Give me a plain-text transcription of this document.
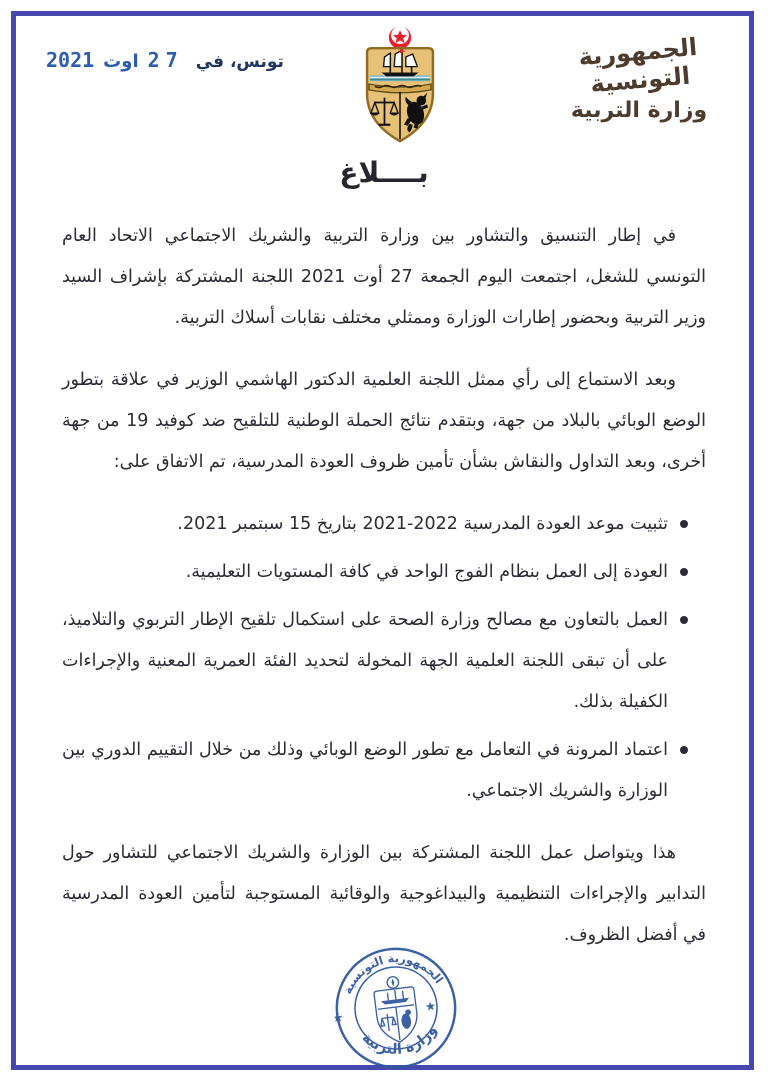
تونس، في
27
اوت
2021	الجمهورية التونسية
وزارة التربية
بــــلاغ

في إطار التنسيق والتشاور بين وزارة التربية والشريك الاجتماعي الاتحاد العام التونسي للشغل، اجتمعت اليوم الجمعة 27 أوت 2021 اللجنة المشتركة بإشراف السيد وزير التربية وبحضور إطارات الوزارة وممثلي مختلف نقابات أسلاك التربية.

وبعد الاستماع إلى رأي ممثل اللجنة العلمية الدكتور الهاشمي الوزير في علاقة بتطور الوضع الوبائي بالبلاد من جهة، وبتقدم نتائج الحملة الوطنية للتلقيح ضد كوفيد 19 من جهة أخرى، وبعد التداول والنقاش بشأن تأمين ظروف العودة المدرسية، تم الاتفاق على:

تثبيت موعد العودة المدرسية 2022-2021 بتاريخ 15 سبتمبر 2021.
العودة إلى العمل بنظام الفوج الواحد في كافة المستويات التعليمية.
العمل بالتعاون مع مصالح وزارة الصحة على استكمال تلقيح الإطار التربوي والتلاميذ، على أن تبقى اللجنة العلمية الجهة المخولة لتحديد الفئة العمرية المعنية والإجراءات الكفيلة بذلك.
اعتماد المرونة في التعامل مع تطور الوضع الوبائي وذلك من خلال التقييم الدوري بين الوزارة والشريك الاجتماعي.

هذا ويتواصل عمل اللجنة المشتركة بين الوزارة والشريك الاجتماعي للتشاور حول التدابير والإجراءات التنظيمية والبيداغوجية والوقائية المستوجبة لتأمين العودة المدرسية في أفضل الظروف.

الجمهورية التونسية
وزارة التربية
★
★
